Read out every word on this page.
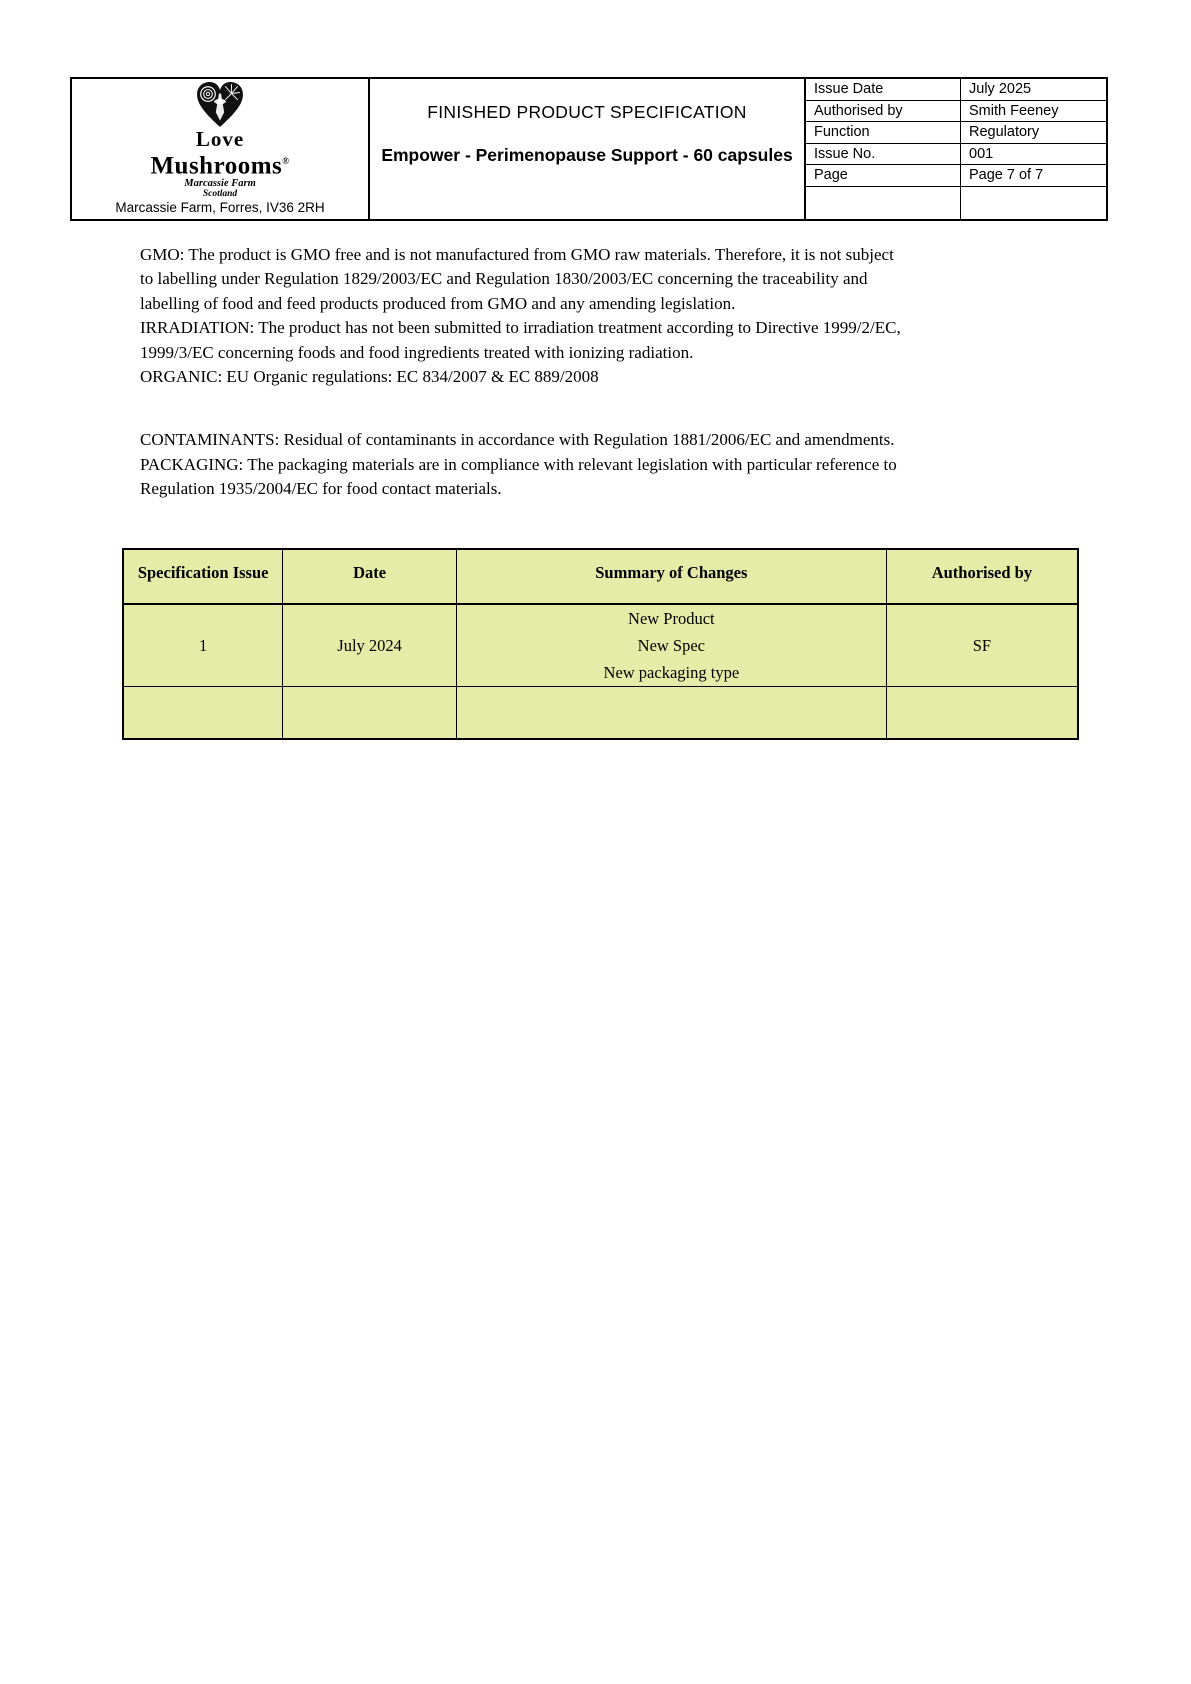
Love
Mushrooms®
Marcassie Farm
Scotland
Marcassie Farm, Forres, IV36 2RH
FINISHED PRODUCT SPECIFICATION
Empower - Perimenopause Support - 60 capsules
Issue Date	July 2025
Authorised by	Smith Feeney
Function	Regulatory
Issue No.	001
Page	Page 7 of 7
GMO: The product is GMO free and is not manufactured from GMO raw materials. Therefore, it is not subject
to labelling under Regulation 1829/2003/EC and Regulation 1830/2003/EC concerning the traceability and
labelling of food and feed products produced from GMO and any amending legislation.
IRRADIATION: The product has not been submitted to irradiation treatment according to Directive 1999/2/EC,
1999/3/EC concerning foods and food ingredients treated with ionizing radiation.
ORGANIC: EU Organic regulations: EC 834/2007 & EC 889/2008
CONTAMINANTS: Residual of contaminants in accordance with Regulation 1881/2006/EC and amendments.
PACKAGING: The packaging materials are in compliance with relevant legislation with particular reference to
Regulation 1935/2004/EC for food contact materials.
Specification Issue	Date	Summary of Changes	Authorised by
1	July 2024	New Product
New Spec
New packaging type	SF
